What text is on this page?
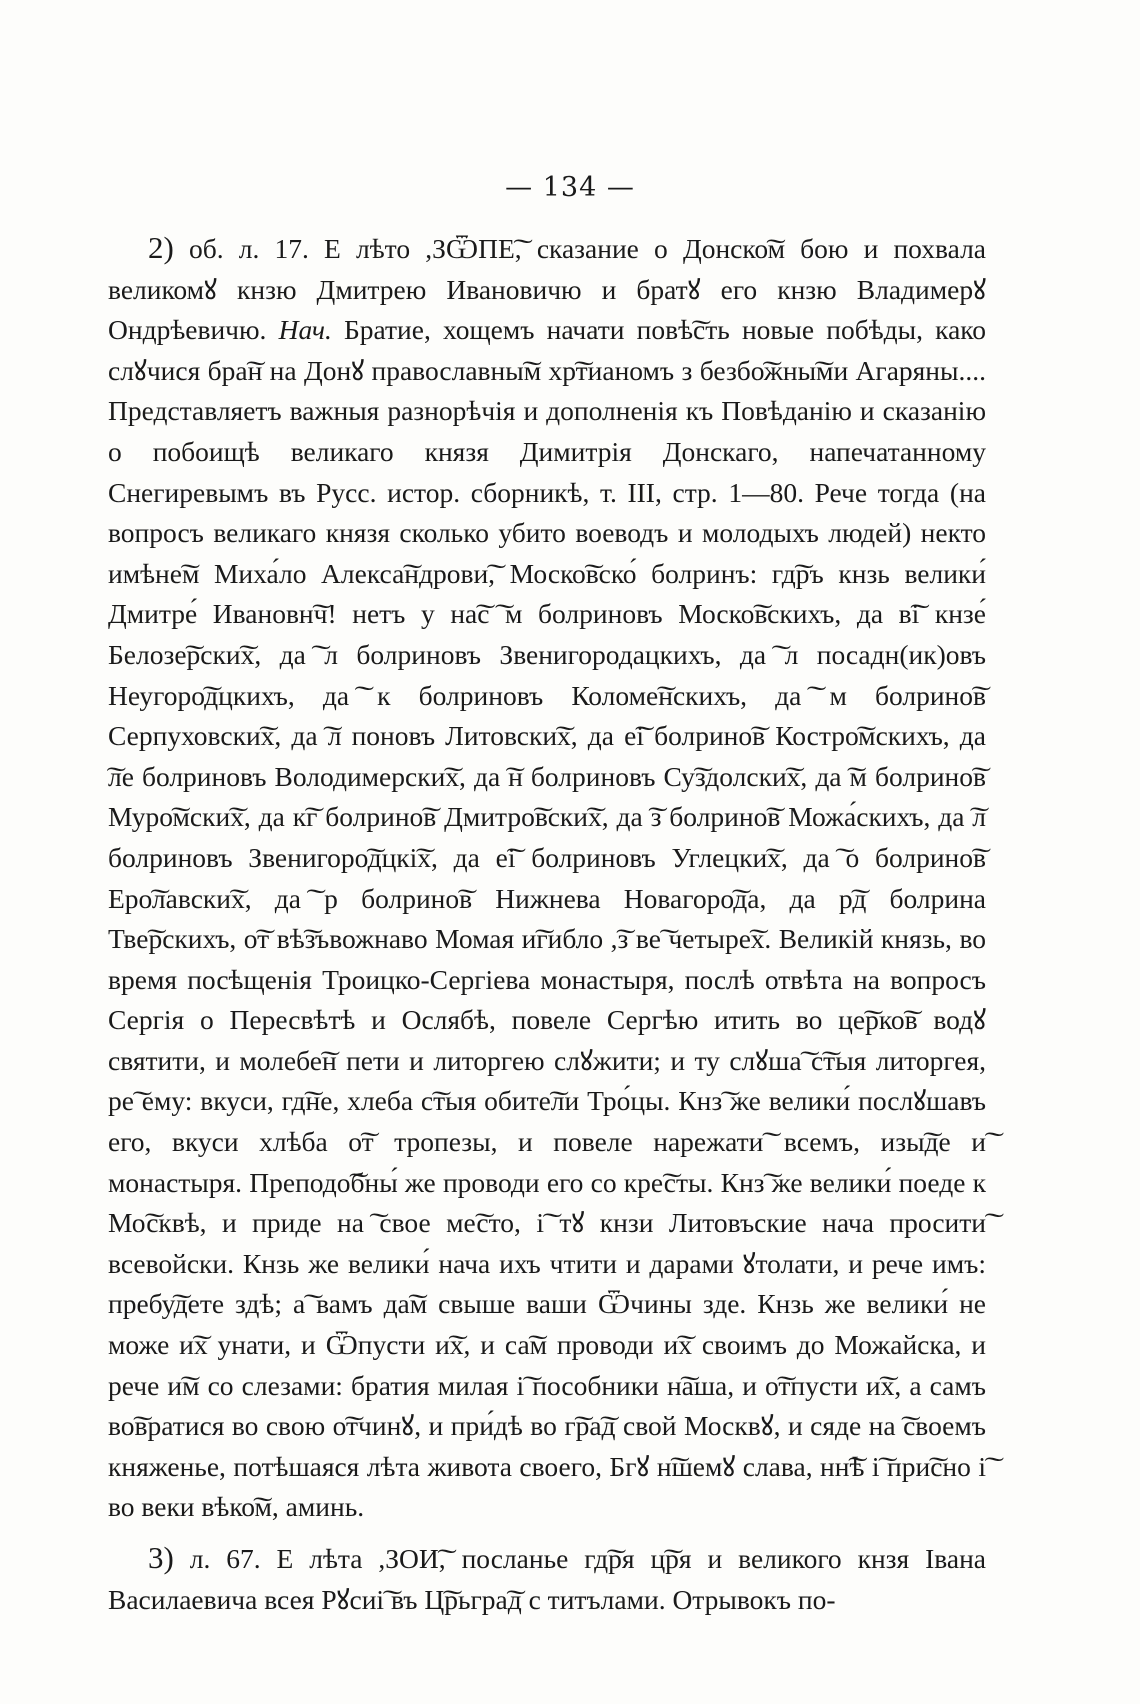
— 134 —

2) об. л. 17. Е лѣто ,ЗѾПЕ͠, сказание о Донско͠м бою и похвала великомꙋ кнзю Дмитрею Ивановичю и братꙋ его кнзю Владимерꙋ Ондрѣевичю. Нач. Братие, хощемъ начати повѣ͠сть новые побѣды, како слꙋчися бра͠н на Донꙋ православны͠м хр͠тианомъ з безбо͠жны͠ми Агаряны.... Представляетъ важныя разнорѣчія и дополненія къ Повѣданію и сказанію о побоищѣ великаго князя Димитрія Донскаго, напечатанному Снегиревымъ въ Русс. истор. сборникѣ, т. III, стр. 1—80. Рече тогда (на вопросъ великаго князя сколько убито воеводъ и молодыхъ людей) некто имѣне͠м Миха́ло Алекса͠ндрови͠, Моско͠вско́ болринъ: гд͠ръ кнзь велики́ Дмитре́ Ивановн͠ч! нетъ у на͠с ͠м болриновъ Моско͠вскихъ, да в͠і кнзе́ Белозе͠рски͠х, да ͠л болриновъ Звенигородацкихъ, да ͠л посадн(ик)овъ Неугоро͠дцкихъ, да ͠к болриновъ Коломе͠нскихъ, да ͠м болрино͠в Серпуховски͠х, да ͠л поновъ Литовски͠х, да е͠і болрино͠в Костро͠мскихъ, да ͠ле болриновъ Володимерски͠х, да ͠н болриновъ Су͠здолски͠х, да ͠м болрино͠в Муро͠мски͠х, да к͠г болрино͠в Дмитро͠вски͠х, да ͠з болрино͠в Можа́скихъ, да ͠л болриновъ Звенигоро͠дцкі͠х, да е͠і болриновъ Углецки͠х, да ͠о болрино͠в Еро͠лавски͠х, да ͠р болрино͠в Нижнева Новагоро͠да, да р͠д болрина Тве͠рскихъ, о͠т вѣ͠зъвожнаво Момая и͠гибло ,͠з ве͠ четыре͠х. Великій князь, во время посѣщенія Троицко-Сергіева монастыря, послѣ отвѣта на вопросъ Сергія о Пересвѣтѣ и Ослябѣ, повеле Сергѣю итить во це͠рко͠в водꙋ святити, и молебе͠н пети и литоргею слꙋжити; и ту слꙋша͠ с͠тыя литоргея, ре͠ ему: вкуси, гд͠не, хлеба с͠тыя обите͠ли Тро́цы. Кнз͠ же велики́ послꙋшавъ его, вкуси хлѣба о͠т тропезы, и повеле нарежати͠ всемъ, изы͠де и͠ монастыря. Преподо͠бны́ же проводи его со кре͠сты. Кнз͠ же велики́ поеде к Мо͠сквѣ, и приде на ͠свое ме͠сто, і͠ тꙋ кнзи Литовъские нача просити͠ всевойски. Кнзь же велики́ нача ихъ чтити и дарами ꙋтолати, и рече имъ: пребу͠дете здѣ; а͠ вамъ да͠м свыше ваши Ѿчины зде. Кнзь же велики́ не може и͠х унати, и Ѿпусти и͠х, и са͠м проводи и͠х своимъ до Можайска, и рече и͠м со слезами: братия милая і͠ пособники н͠аша, и о͠тпусти и͠х, а самъ во͠вратися во свою о͠тчинꙋ, и при́дѣ во г͠ра͠д свой Москвꙋ, и сяде на ͠своемъ княженье, потѣшаяся лѣта живота своего, Бгꙋ н͠шемꙋ слава, нн͠ѣ і͠ при͠сно і͠ во веки вѣко͠м, аминь.

3) л. 67. Е лѣта ,ЗОИ͠, посланье гд͠ря ц͠ря и великого кнзя Івана Василаевича всея Рꙋсиі͠ въ Ц͠рьгра͠д с титълами. Отрывокъ по-
